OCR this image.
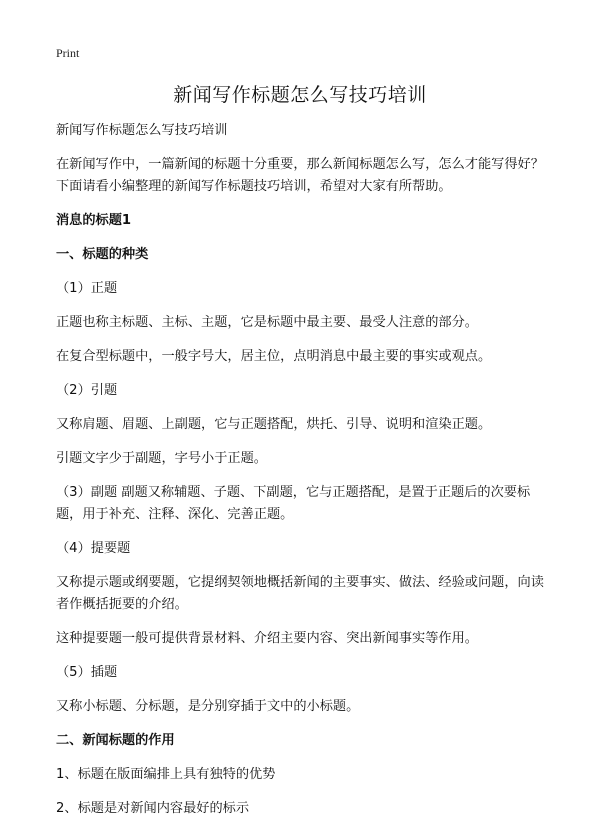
Print
新闻写作标题怎么写技巧培训

新闻写作标题怎么写技巧培训

在新闻写作中，一篇新闻的标题十分重要，那么新闻标题怎么写，怎么才能写得好？下面请看小编整理的新闻写作标题技巧培训，希望对大家有所帮助。

消息的标题1

一、标题的种类

（1）正题

正题也称主标题、主标、主题，它是标题中最主要、最受人注意的部分。

在复合型标题中，一般字号大，居主位，点明消息中最主要的事实或观点。

（2）引题

又称肩题、眉题、上副题，它与正题搭配，烘托、引导、说明和渲染正题。

引题文字少于副题，字号小于正题。

（3）副题 副题又称辅题、子题、下副题，它与正题搭配，是置于正题后的次要标题，用于补充、注释、深化、完善正题。

（4）提要题

又称提示题或纲要题，它提纲契领地概括新闻的主要事实、做法、经验或问题，向读者作概括扼要的介绍。

这种提要题一般可提供背景材料、介绍主要内容、突出新闻事实等作用。

（5）插题

又称小标题、分标题，是分别穿插于文中的小标题。

二、新闻标题的作用

1、标题在版面编排上具有独特的优势

2、标题是对新闻内容最好的标示
